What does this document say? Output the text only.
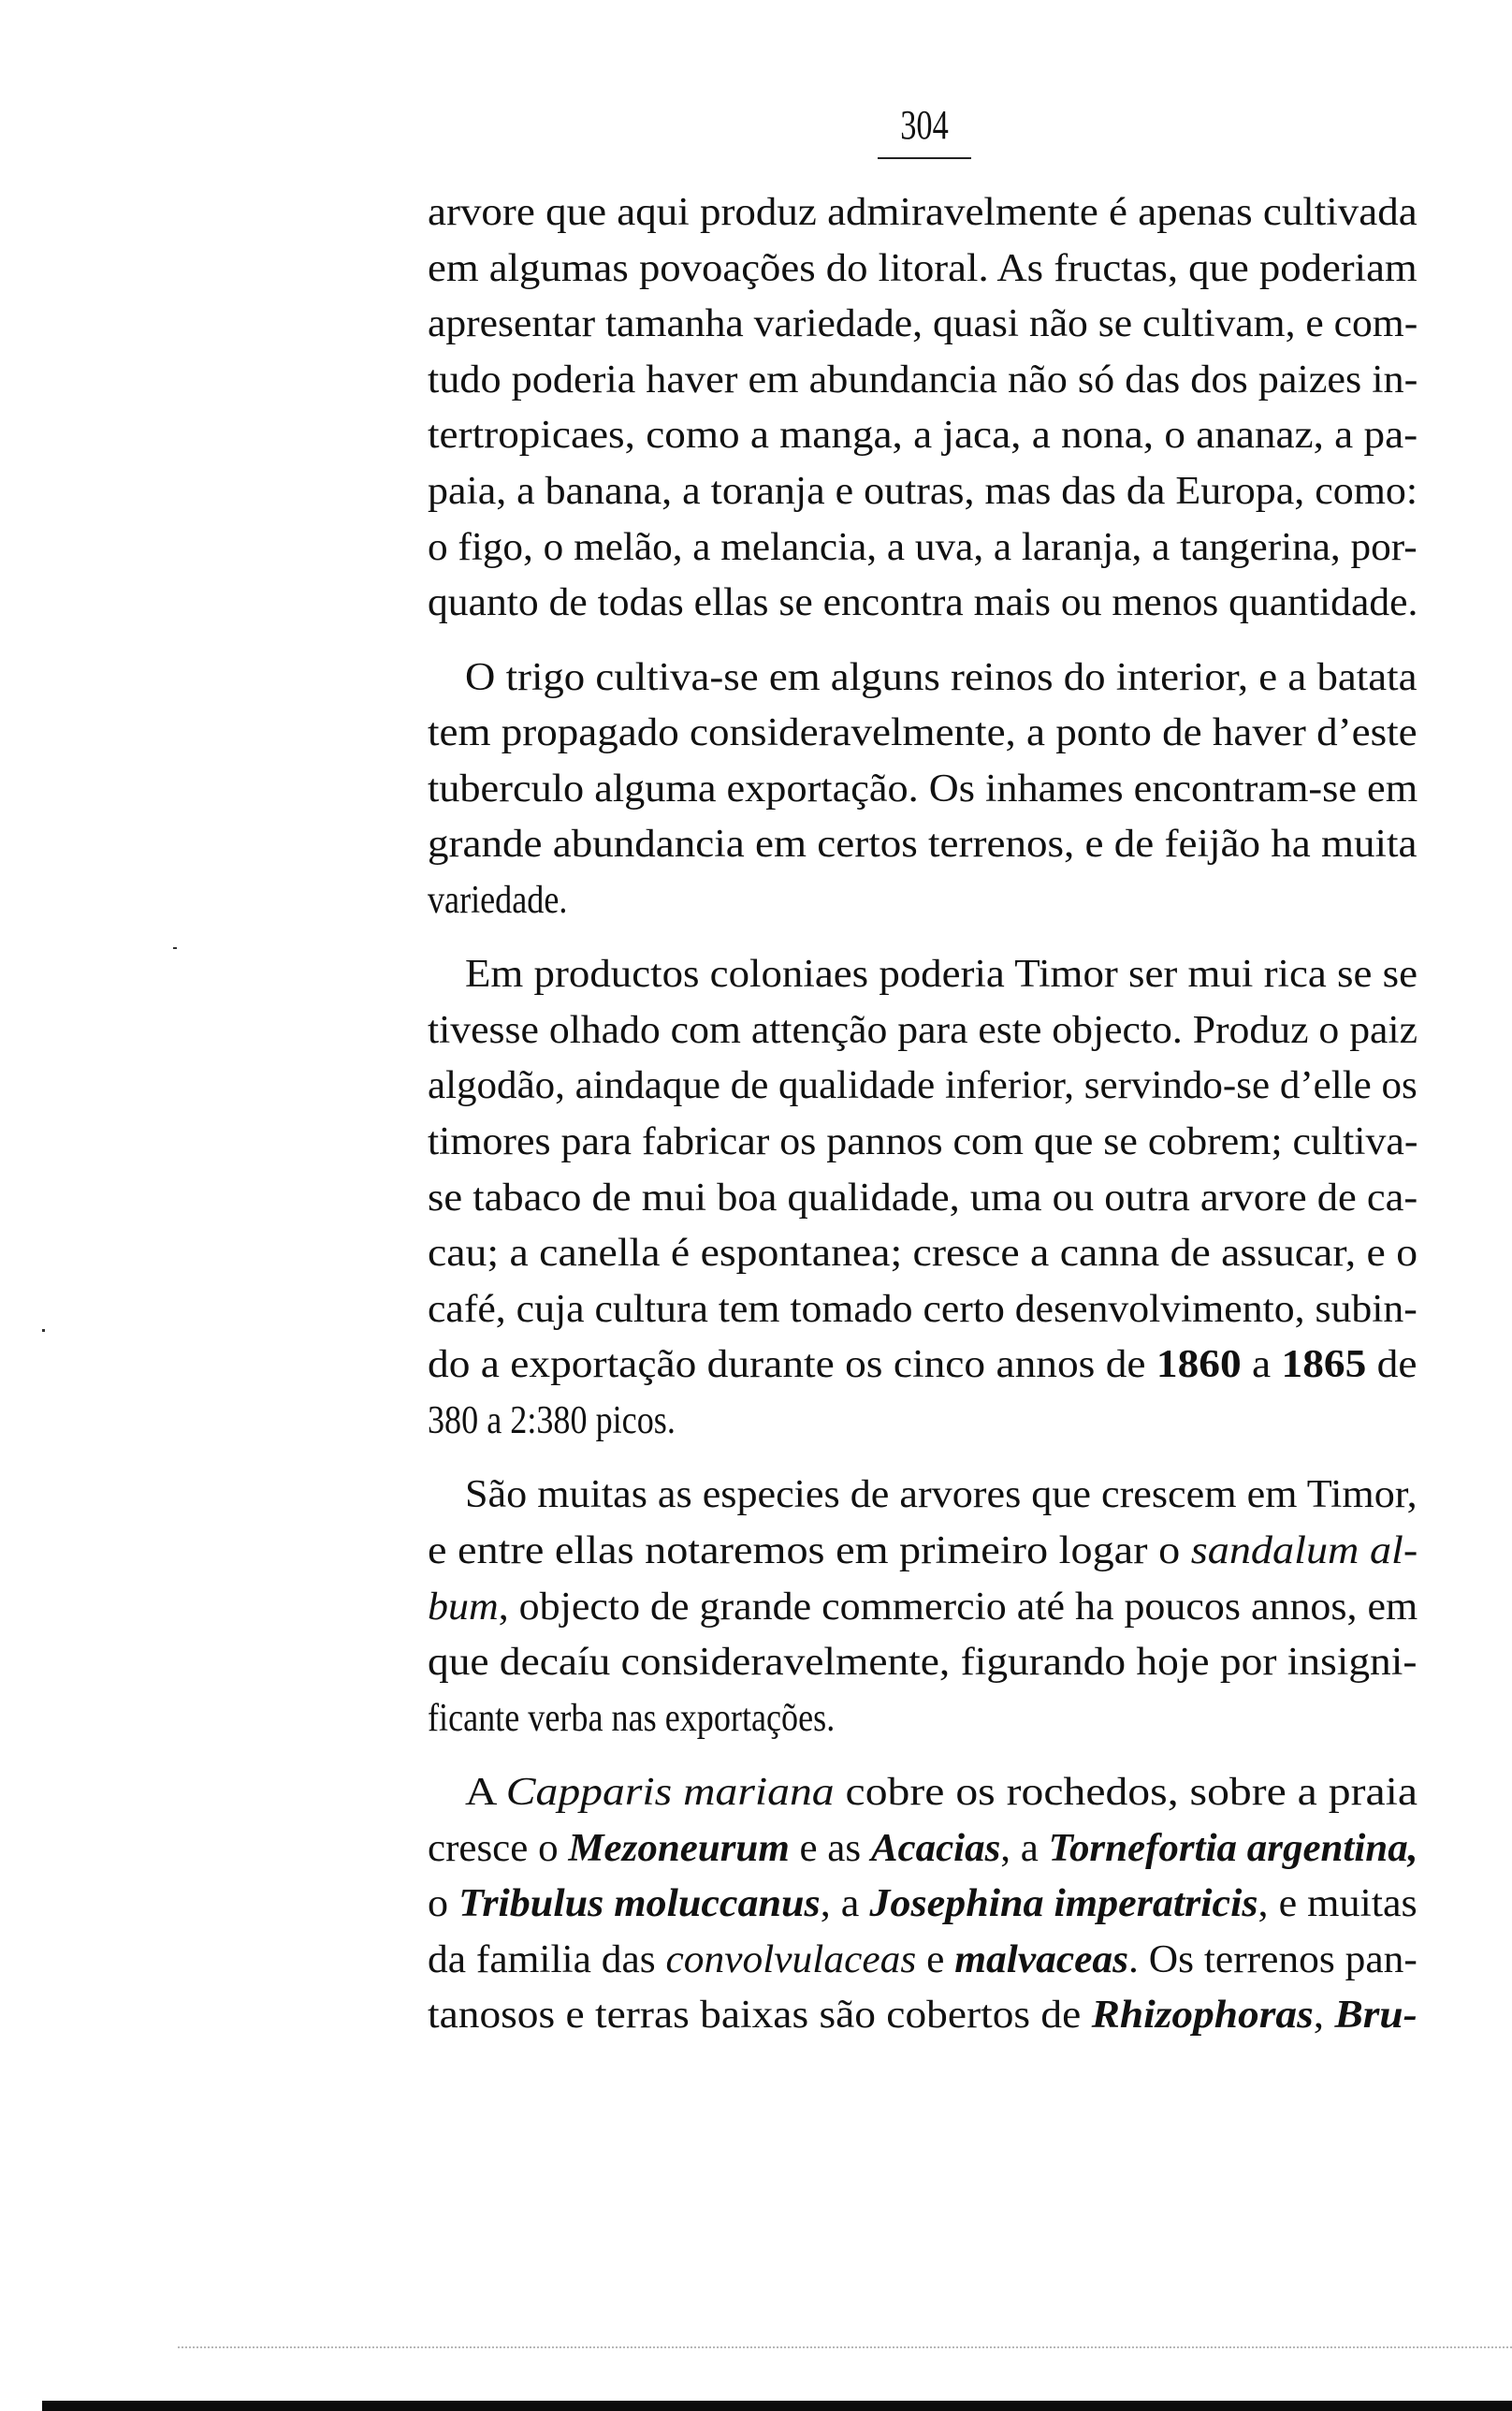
304
arvore que aqui produz admiravelmente é apenas cultivada
em algumas povoações do litoral. As fructas, que poderiam
apresentar tamanha variedade, quasi não se cultivam, e com-
tudo poderia haver em abundancia não só das dos paizes in-
tertropicaes, como a manga, a jaca, a nona, o ananaz, a pa-
paia, a banana, a toranja e outras, mas das da Europa, como:
o figo, o melão, a melancia, a uva, a laranja, a tangerina, por-
quanto de todas ellas se encontra mais ou menos quantidade.
O trigo cultiva-se em alguns reinos do interior, e a batata
tem propagado consideravelmente, a ponto de haver d’este
tuberculo alguma exportação. Os inhames encontram-se em
grande abundancia em certos terrenos, e de feijão ha muita
variedade.
Em productos coloniaes poderia Timor ser mui rica se se
tivesse olhado com attenção para este objecto. Produz o paiz
algodão, aindaque de qualidade inferior, servindo-se d’elle os
timores para fabricar os pannos com que se cobrem; cultiva-
se tabaco de mui boa qualidade, uma ou outra arvore de ca-
cau; a canella é espontanea; cresce a canna de assucar, e o
café, cuja cultura tem tomado certo desenvolvimento, subin-
do a exportação durante os cinco annos de 1860 a 1865 de
380 a 2:380 picos.
São muitas as especies de arvores que crescem em Timor,
e entre ellas notaremos em primeiro logar o sandalum al-
bum, objecto de grande commercio até ha poucos annos, em
que decaíu consideravelmente, figurando hoje por insigni-
ficante verba nas exportações.
A Capparis mariana cobre os rochedos, sobre a praia
cresce o Mezoneurum e as Acacias, a Tornefortia argentina,
o Tribulus moluccanus, a Josephina imperatricis, e muitas
da familia das convolvulaceas e malvaceas. Os terrenos pan-
tanosos e terras baixas são cobertos de Rhizophoras, Bru-
